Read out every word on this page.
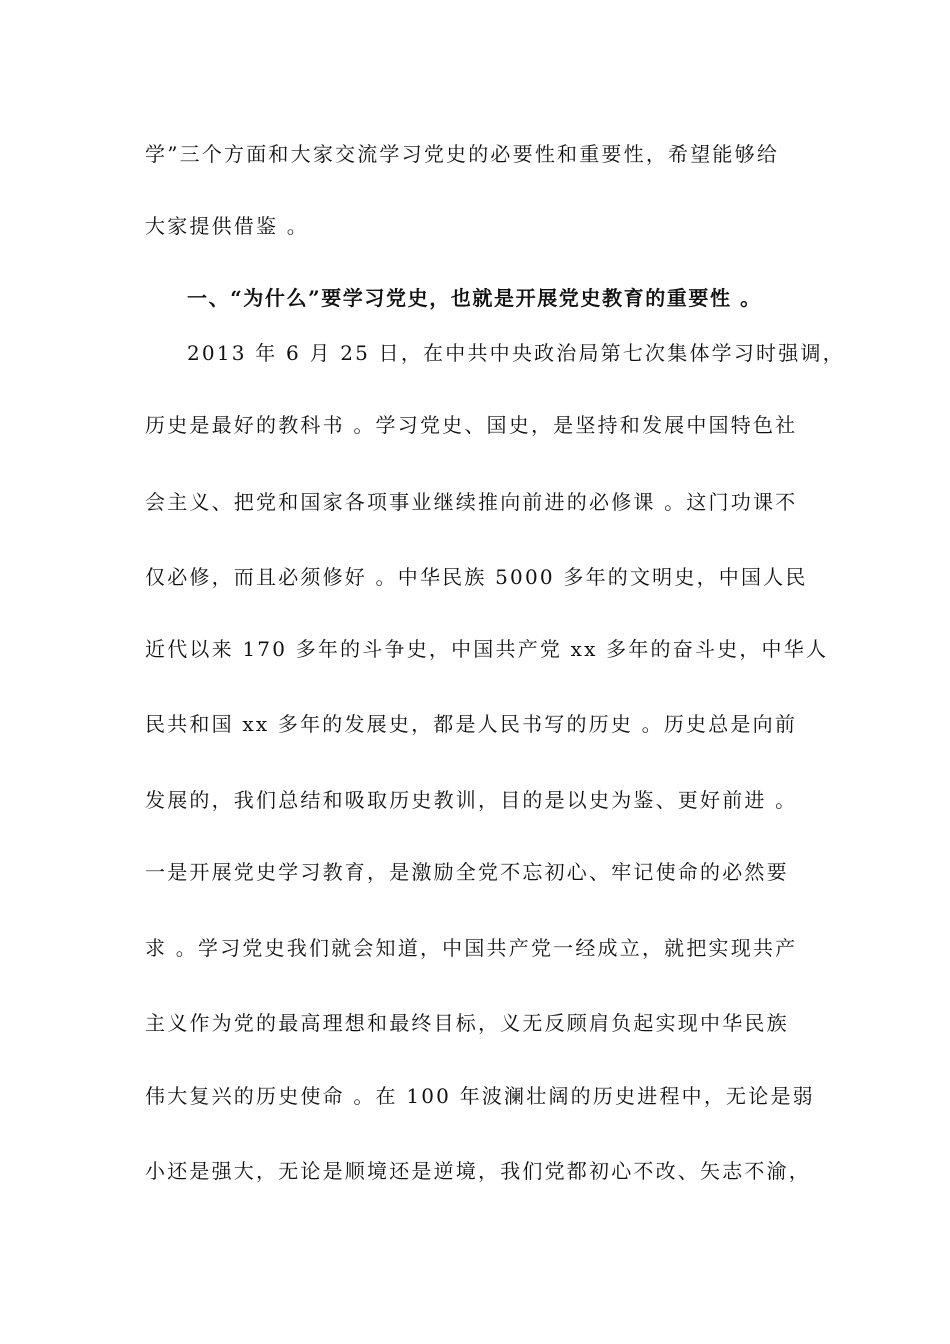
学”三个方面和大家交流学习党史的必要性和重要性，希望能够给
大家提供借鉴 。
一、“为什么”要学习党史，也就是开展党史教育的重要性 。
2013 年 6 月 25 日，在中共中央政治局第七次集体学习时强调，
历史是最好的教科书 。学习党史、国史，是坚持和发展中国特色社
会主义、把党和国家各项事业继续推向前进的必修课 。这门功课不
仅必修，而且必须修好 。中华民族 5000 多年的文明史，中国人民
近代以来 170 多年的斗争史，中国共产党 xx 多年的奋斗史，中华人
民共和国 xx 多年的发展史，都是人民书写的历史 。历史总是向前
发展的，我们总结和吸取历史教训，目的是以史为鉴、更好前进 。
一是开展党史学习教育，是激励全党不忘初心、牢记使命的必然要
求 。学习党史我们就会知道，中国共产党一经成立，就把实现共产
主义作为党的最高理想和最终目标，义无反顾肩负起实现中华民族
伟大复兴的历史使命 。在 100 年波澜壮阔的历史进程中，无论是弱
小还是强大，无论是顺境还是逆境，我们党都初心不改、矢志不渝，
